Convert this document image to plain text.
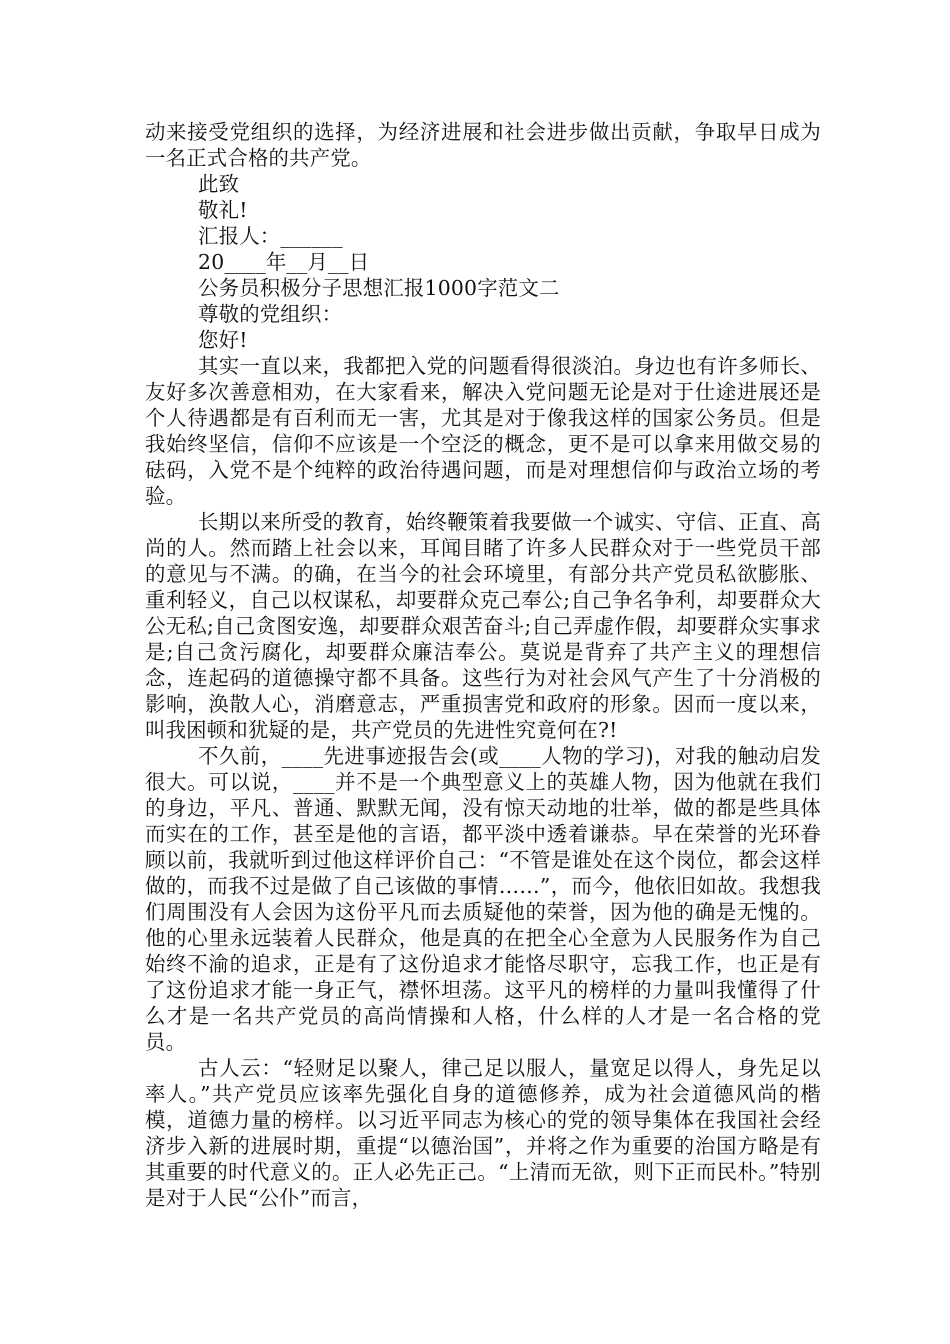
动来接受党组织的选择，为经济进展和社会进步做出贡献，争取早日成为一名正式合格的共产党。

此致

敬礼!

汇报人：______

20____年__月__日

公务员积极分子思想汇报1000字范文二

尊敬的党组织：

您好!

其实一直以来，我都把入党的问题看得很淡泊。身边也有许多师长、友好多次善意相劝，在大家看来，解决入党问题无论是对于仕途进展还是个人待遇都是有百利而无一害，尤其是对于像我这样的国家公务员。但是我始终坚信，信仰不应该是一个空泛的概念，更不是可以拿来用做交易的砝码，入党不是个纯粹的政治待遇问题，而是对理想信仰与政治立场的考验。

长期以来所受的教育，始终鞭策着我要做一个诚实、守信、正直、高尚的人。然而踏上社会以来，耳闻目睹了许多人民群众对于一些党员干部的意见与不满。的确，在当今的社会环境里，有部分共产党员私欲膨胀、重利轻义，自己以权谋私，却要群众克己奉公;自己争名争利，却要群众大公无私;自己贪图安逸，却要群众艰苦奋斗;自己弄虚作假，却要群众实事求是;自己贪污腐化，却要群众廉洁奉公。莫说是背弃了共产主义的理想信念，连起码的道德操守都不具备。这些行为对社会风气产生了十分消极的影响，涣散人心，消磨意志，严重损害党和政府的形象。因而一度以来，叫我困顿和犹疑的是，共产党员的先进性究竟何在?!

不久前，____先进事迹报告会(或____人物的学习)，对我的触动启发很大。可以说，____并不是一个典型意义上的英雄人物，因为他就在我们的身边，平凡、普通、默默无闻，没有惊天动地的壮举，做的都是些具体而实在的工作，甚至是他的言语，都平淡中透着谦恭。早在荣誉的光环眷顾以前，我就听到过他这样评价自己：“不管是谁处在这个岗位，都会这样做的，而我不过是做了自己该做的事情……”，而今，他依旧如故。我想我们周围没有人会因为这份平凡而去质疑他的荣誉，因为他的确是无愧的。他的心里永远装着人民群众，他是真的在把全心全意为人民服务作为自己始终不渝的追求，正是有了这份追求才能恪尽职守，忘我工作，也正是有了这份追求才能一身正气，襟怀坦荡。这平凡的榜样的力量叫我懂得了什么才是一名共产党员的高尚情操和人格，什么样的人才是一名合格的党员。

古人云：“轻财足以聚人，律己足以服人，量宽足以得人，身先足以率人。”共产党员应该率先强化自身的道德修养，成为社会道德风尚的楷模，道德力量的榜样。以习近平同志为核心的党的领导集体在我国社会经济步入新的进展时期，重提“以德治国”，并将之作为重要的治国方略是有其重要的时代意义的。正人必先正己。“上清而无欲，则下正而民朴。”特别是对于人民“公仆”而言，
